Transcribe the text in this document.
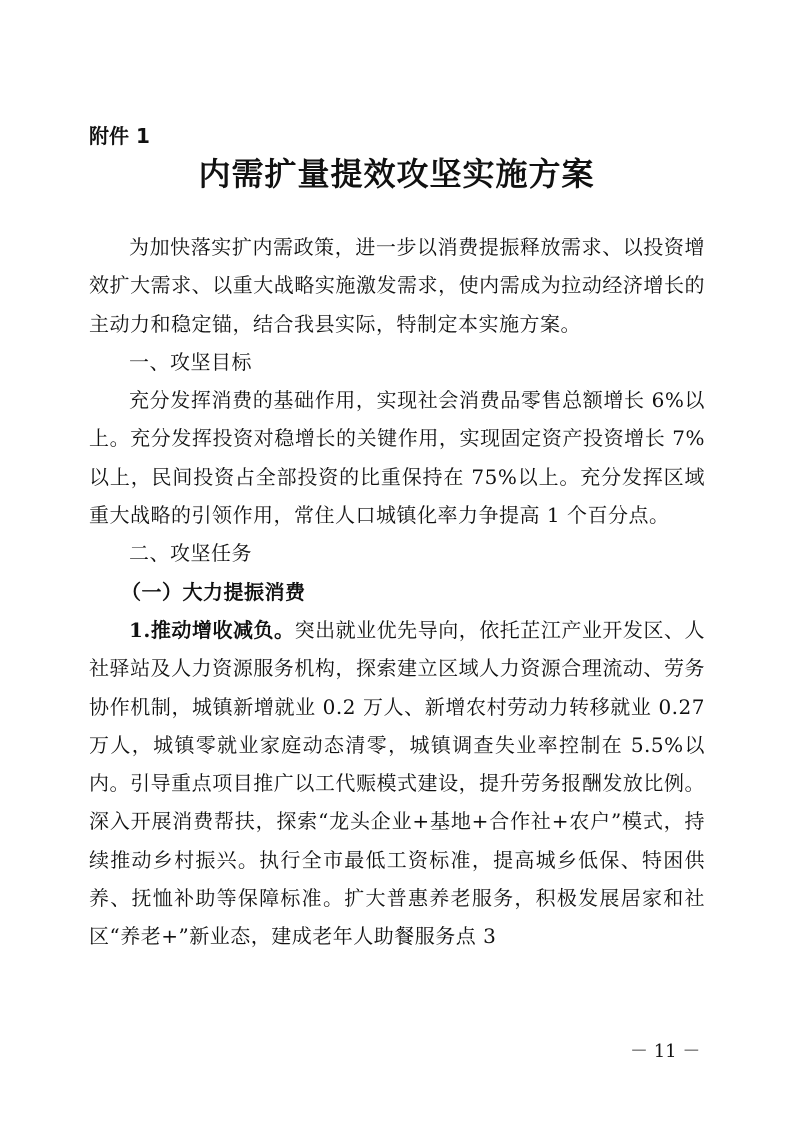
附件 1

内需扩量提效攻坚实施方案

为加快落实扩内需政策，进一步以消费提振释放需求、以投资增效扩大需求、以重大战略实施激发需求，使内需成为拉动经济增长的主动力和稳定锚，结合我县实际，特制定本实施方案。

一、攻坚目标

充分发挥消费的基础作用，实现社会消费品零售总额增长 6%以上。充分发挥投资对稳增长的关键作用，实现固定资产投资增长 7%以上，民间投资占全部投资的比重保持在 75%以上。充分发挥区域重大战略的引领作用，常住人口城镇化率力争提高 1 个百分点。

二、攻坚任务

（一）大力提振消费

1.推动增收减负。突出就业优先导向，依托芷江产业开发区、人社驿站及人力资源服务机构，探索建立区域人力资源合理流动、劳务协作机制，城镇新增就业 0.2 万人、新增农村劳动力转移就业 0.27 万人，城镇零就业家庭动态清零，城镇调查失业率控制在 5.5%以内。引导重点项目推广以工代赈模式建设，提升劳务报酬发放比例。深入开展消费帮扶，探索“龙头企业+基地+合作社+农户”模式，持续推动乡村振兴。执行全市最低工资标准，提高城乡低保、特困供养、抚恤补助等保障标准。扩大普惠养老服务，积极发展居家和社区“养老+”新业态，建成老年人助餐服务点 3

－ 11 －
